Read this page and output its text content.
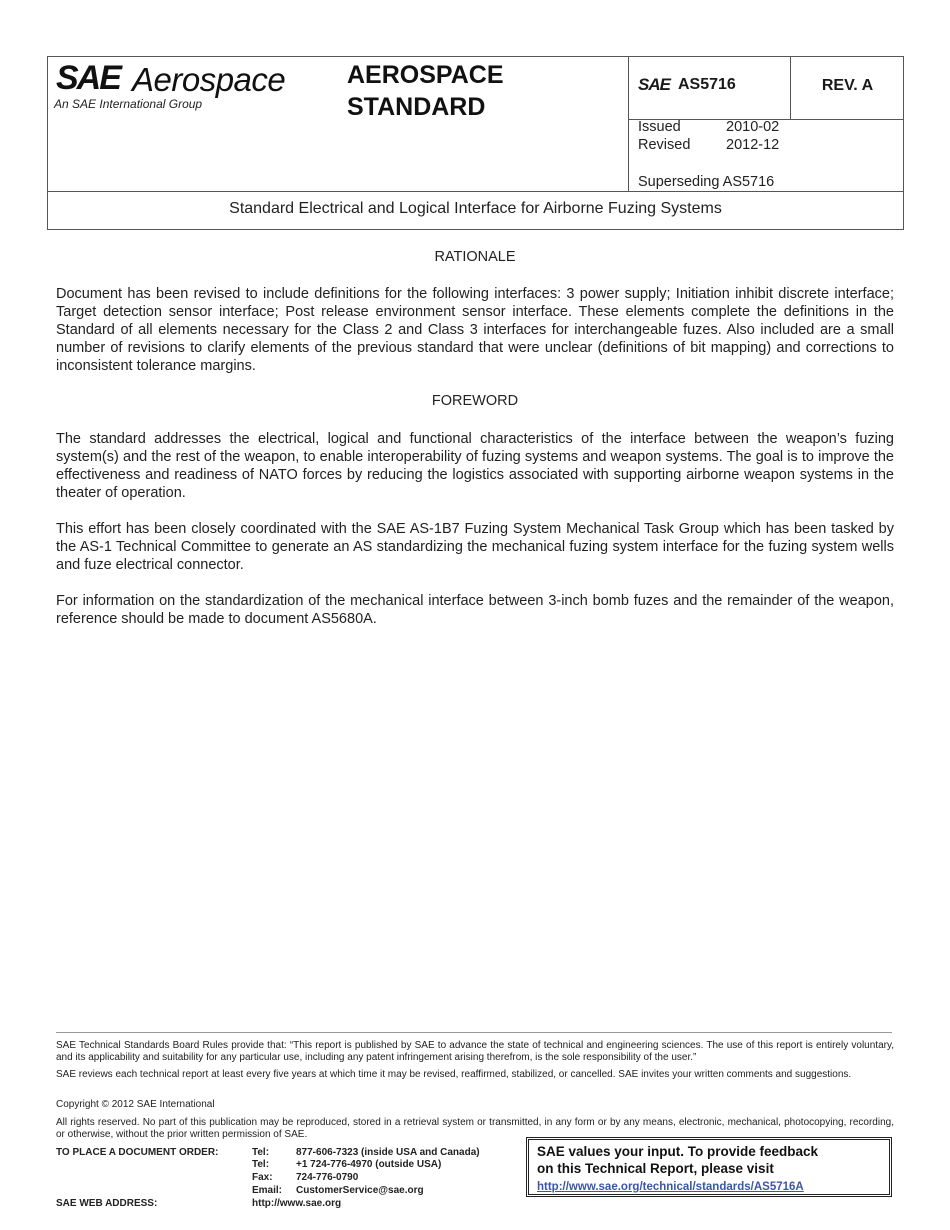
SAE Aerospace
An SAE International Group
AEROSPACE
STANDARD
SAE AS5716	REV. A
Issued	2010-02
Revised 2012-12
Superseding AS5716
Standard Electrical and Logical Interface for Airborne Fuzing Systems
RATIONALE

Document has been revised to include definitions for the following interfaces: 3 power supply; Initiation inhibit discrete interface; Target detection sensor interface; Post release environment sensor interface. These elements complete the definitions in the Standard of all elements necessary for the Class 2 and Class 3 interfaces for interchangeable fuzes. Also included are a small number of revisions to clarify elements of the previous standard that were unclear (definitions of bit mapping) and corrections to inconsistent tolerance margins.

FOREWORD

The standard addresses the electrical, logical and functional characteristics of the interface between the weapon’s fuzing system(s) and the rest of the weapon, to enable interoperability of fuzing systems and weapon systems. The goal is to improve the effectiveness and readiness of NATO forces by reducing the logistics associated with supporting airborne weapon systems in the theater of operation.

This effort has been closely coordinated with the SAE AS-1B7 Fuzing System Mechanical Task Group which has been tasked by the AS-1 Technical Committee to generate an AS standardizing the mechanical fuzing system interface for the fuzing system wells and fuze electrical connector.

For information on the standardization of the mechanical interface between 3-inch bomb fuzes and the remainder of the weapon, reference should be made to document AS5680A.

SAE Technical Standards Board Rules provide that: “This report is published by SAE to advance the state of technical and engineering sciences. The use of this report is entirely voluntary, and its applicability and suitability for any particular use, including any patent infringement arising therefrom, is the sole responsibility of the user.”

SAE reviews each technical report at least every five years at which time it may be revised, reaffirmed, stabilized, or cancelled. SAE invites your written comments and suggestions.

Copyright © 2012 SAE International

All rights reserved. No part of this publication may be reproduced, stored in a retrieval system or transmitted, in any form or by any means, electronic, mechanical, photocopying, recording, or otherwise, without the prior written permission of SAE.

TO PLACE A DOCUMENT ORDER:	Tel:	877-606-7323 (inside USA and Canada)
Tel:	+1 724-776-4970 (outside USA)
Fax: 724-776-0790
Email: CustomerService@sae.org
SAE WEB ADDRESS:	http://www.sae.org
SAE values your input. To provide feedback
on this Technical Report, please visit
http://www.sae.org/technical/standards/AS5716A
